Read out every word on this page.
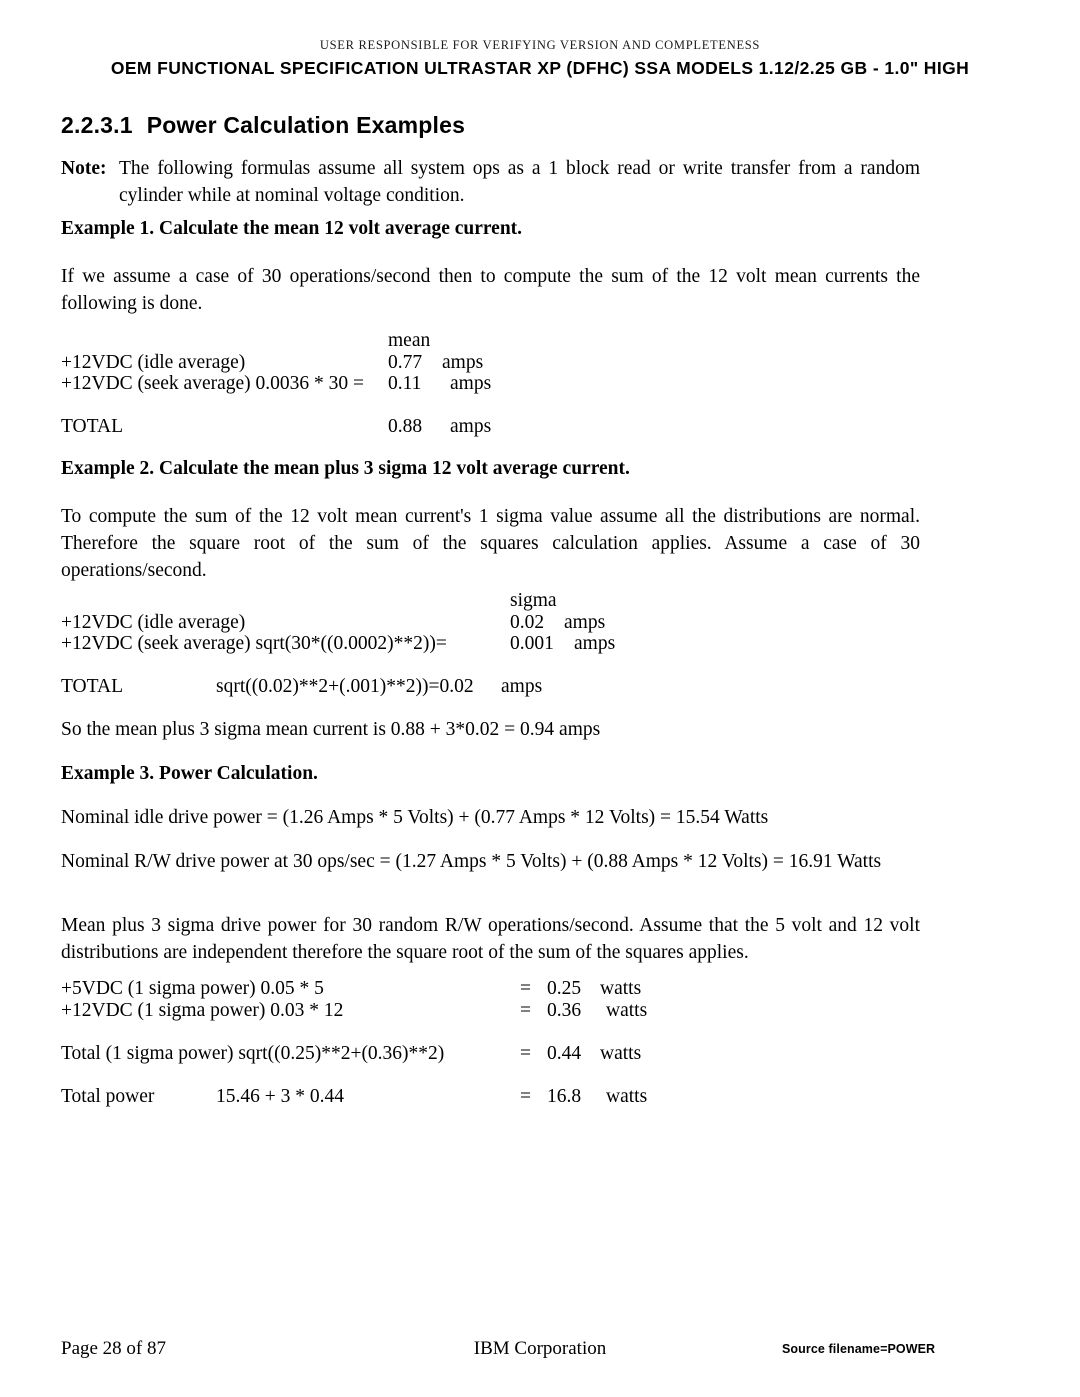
USER RESPONSIBLE FOR VERIFYING VERSION AND COMPLETENESS
OEM FUNCTIONAL SPECIFICATION ULTRASTAR XP (DFHC) SSA MODELS 1.12/2.25 GB - 1.0" HIGH
2.2.3.1 Power Calculation Examples
Note: The following formulas assume all system ops as a 1 block read or write transfer from a random cylinder while at nominal voltage condition.
Example 1. Calculate the mean 12 volt average current.
If we assume a case of 30 operations/second then to compute the sum of the 12 volt mean currents the following is done.
mean
+12VDC (idle average)	0.77 amps
+12VDC (seek average) 0.0036 * 30 = 0.11 amps
TOTAL	0.88 amps
Example 2. Calculate the mean plus 3 sigma 12 volt average current.
To compute the sum of the 12 volt mean current's 1 sigma value assume all the distributions are normal. Therefore the square root of the sum of the squares calculation applies. Assume a case of 30 operations/second.
sigma
+12VDC (idle average)	0.02 amps
+12VDC (seek average) sqrt(30*((0.0002)**2))=	0.001 amps
TOTAL	sqrt((0.02)**2+(.001)**2))=0.02 amps
So the mean plus 3 sigma mean current is 0.88 + 3*0.02 = 0.94 amps
Example 3. Power Calculation.
Nominal idle drive power = (1.26 Amps * 5 Volts) + (0.77 Amps * 12 Volts) = 15.54 Watts
Nominal R/W drive power at 30 ops/sec = (1.27 Amps * 5 Volts) + (0.88 Amps * 12 Volts) = 16.91 Watts
Mean plus 3 sigma drive power for 30 random R/W operations/second. Assume that the 5 volt and 12 volt distributions are independent therefore the square root of the sum of the squares applies.
+5VDC (1 sigma power) 0.05 * 5	= 0.25 watts
+12VDC (1 sigma power) 0.03 * 12	= 0.36 watts
Total (1 sigma power) sqrt((0.25)**2+(0.36)**2)	= 0.44 watts
Total power	15.46 + 3 * 0.44	= 16.8 watts
Page 28 of 87	IBM Corporation	Source filename=POWER
